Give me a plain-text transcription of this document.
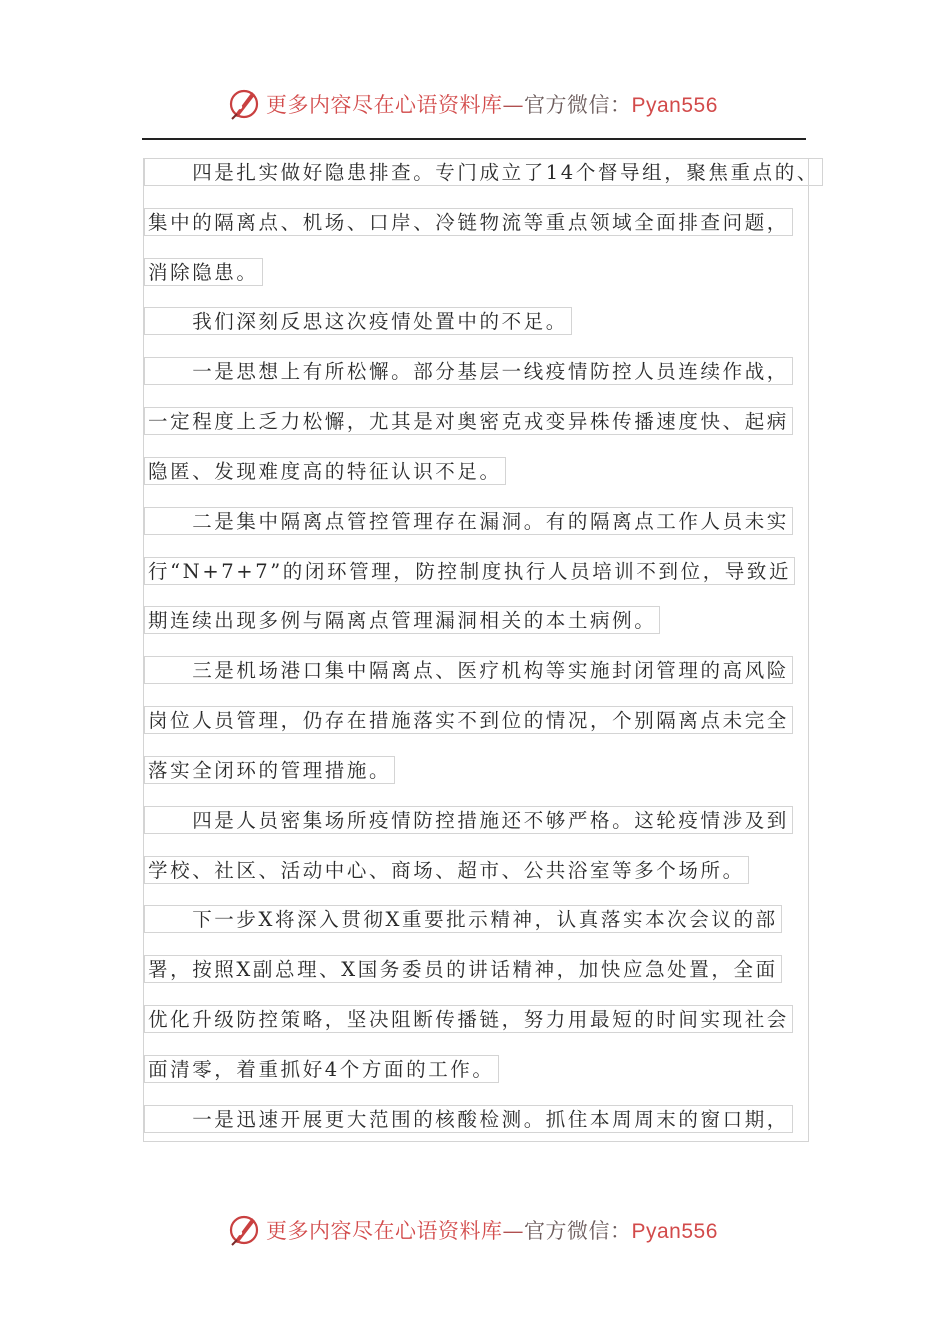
更多内容尽在心语资料库—官方微信：Pyan556
　　四是扎实做好隐患排查。专门成立了14个督导组，聚焦重点的、
集中的隔离点、机场、口岸、冷链物流等重点领域全面排查问题，
消除隐患。
　　我们深刻反思这次疫情处置中的不足。
　　一是思想上有所松懈。部分基层一线疫情防控人员连续作战，
一定程度上乏力松懈，尤其是对奥密克戎变异株传播速度快、起病
隐匿、发现难度高的特征认识不足。
　　二是集中隔离点管控管理存在漏洞。有的隔离点工作人员未实
行“N+7+7”的闭环管理，防控制度执行人员培训不到位，导致近
期连续出现多例与隔离点管理漏洞相关的本土病例。
　　三是机场港口集中隔离点、医疗机构等实施封闭管理的高风险
岗位人员管理，仍存在措施落实不到位的情况，个别隔离点未完全
落实全闭环的管理措施。
　　四是人员密集场所疫情防控措施还不够严格。这轮疫情涉及到
学校、社区、活动中心、商场、超市、公共浴室等多个场所。
　　下一步X将深入贯彻X重要批示精神，认真落实本次会议的部
署，按照X副总理、X国务委员的讲话精神，加快应急处置，全面
优化升级防控策略，坚决阻断传播链，努力用最短的时间实现社会
面清零，着重抓好4个方面的工作。
　　一是迅速开展更大范围的核酸检测。抓住本周周末的窗口期，
更多内容尽在心语资料库—官方微信：Pyan556
